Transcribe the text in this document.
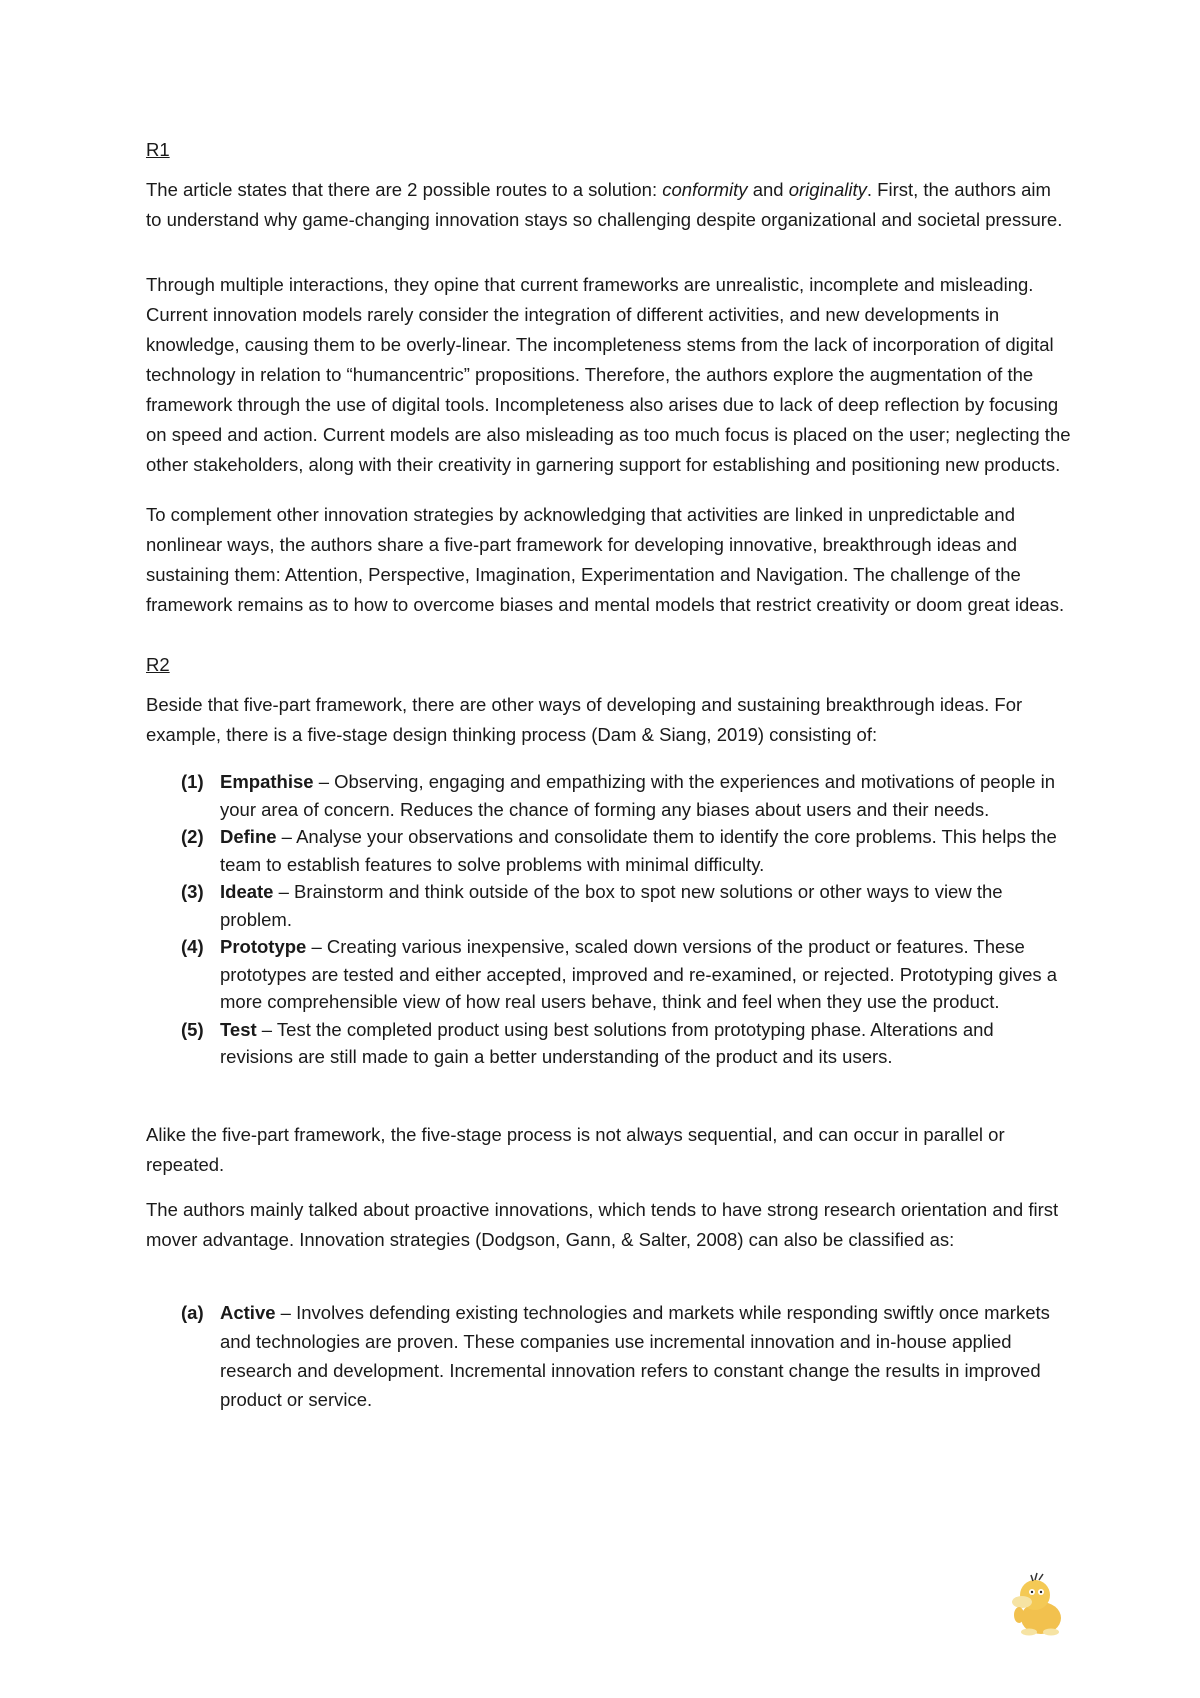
R1

The article states that there are 2 possible routes to a solution: conformity and originality. First, the authors aim to understand why game-changing innovation stays so challenging despite organizational and societal pressure.

Through multiple interactions, they opine that current frameworks are unrealistic, incomplete and misleading. Current innovation models rarely consider the integration of different activities, and new developments in knowledge, causing them to be overly-linear. The incompleteness stems from the lack of incorporation of digital technology in relation to “humancentric” propositions. Therefore, the authors explore the augmentation of the framework through the use of digital tools. Incompleteness also arises due to lack of deep reflection by focusing on speed and action. Current models are also misleading as too much focus is placed on the user; neglecting the other stakeholders, along with their creativity in garnering support for establishing and positioning new products.

To complement other innovation strategies by acknowledging that activities are linked in unpredictable and nonlinear ways, the authors share a five-part framework for developing innovative, breakthrough ideas and sustaining them: Attention, Perspective, Imagination, Experimentation and Navigation. The challenge of the framework remains as to how to overcome biases and mental models that restrict creativity or doom great ideas.

R2

Beside that five-part framework, there are other ways of developing and sustaining breakthrough ideas. For example, there is a five-stage design thinking process (Dam & Siang, 2019) consisting of:

(1) Empathise – Observing, engaging and empathizing with the experiences and motivations of people in your area of concern. Reduces the chance of forming any biases about users and their needs.
(2) Define – Analyse your observations and consolidate them to identify the core problems. This helps the team to establish features to solve problems with minimal difficulty.
(3) Ideate – Brainstorm and think outside of the box to spot new solutions or other ways to view the problem.
(4) Prototype – Creating various inexpensive, scaled down versions of the product or features. These prototypes are tested and either accepted, improved and re-examined, or rejected. Prototyping gives a more comprehensible view of how real users behave, think and feel when they use the product.
(5) Test – Test the completed product using best solutions from prototyping phase. Alterations and revisions are still made to gain a better understanding of the product and its users.

Alike the five-part framework, the five-stage process is not always sequential, and can occur in parallel or repeated.

The authors mainly talked about proactive innovations, which tends to have strong research orientation and first mover advantage. Innovation strategies (Dodgson, Gann, & Salter, 2008) can also be classified as:

(a) Active – Involves defending existing technologies and markets while responding swiftly once markets and technologies are proven. These companies use incremental innovation and in-house applied research and development. Incremental innovation refers to constant change the results in improved product or service.
